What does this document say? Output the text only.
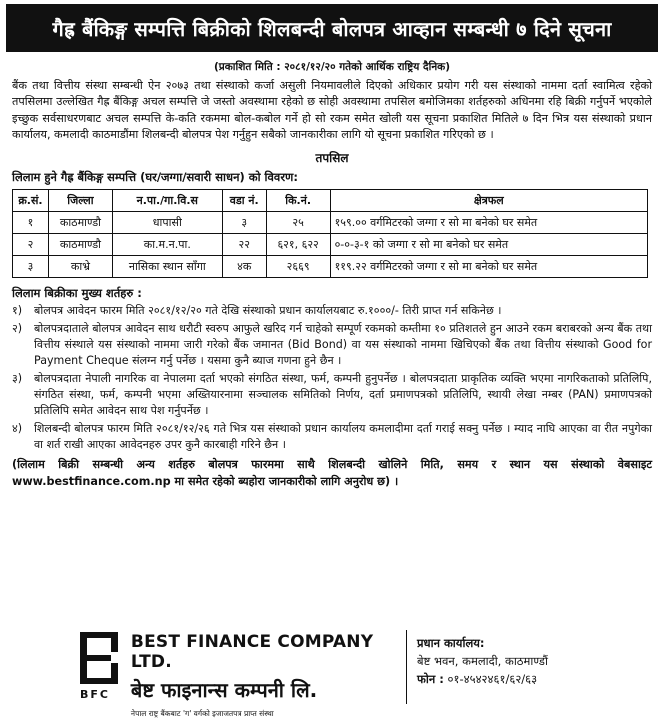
गैह्र बैंकिङ्ग सम्पत्ति बिक्रीको शिलबन्दी बोलपत्र आव्हान सम्बन्धी ७ दिने सूचना
(प्रकाशित मिति : २०८१/१२/२० गतेको आर्थिक राष्ट्रिय दैनिक)

बैंक तथा वित्तीय संस्था सम्बन्धी ऐन २०७३ तथा संस्थाको कर्जा असुली नियमावलीले दिएको अधिकार प्रयोग गरी यस संस्थाको नाममा दर्ता स्वामित्व रहेको तपसिलमा उल्लेखित गैह्र बैंकिङ्ग अचल सम्पत्ति जे जस्तो अवस्थामा रहेको छ सोही अवस्थामा तपसिल बमोजिमका शर्तहरुको अधिनमा रहि बिक्री गर्नुपर्ने भएकोले इच्छुक सर्वसाधरणबाट अचल सम्पत्ति के-कति रकममा बोल-कबोल गर्ने हो सो रकम समेत खोली यस सूचना प्रकाशित मितिले ७ दिन भित्र यस संस्थाको प्रधान कार्यालय, कमलादी काठमाडौंमा शिलबन्दी बोलपत्र पेश गर्नुहुन सबैको जानकारीका लागि यो सूचना प्रकाशित गरिएको छ ।

तपसिल
लिलाम हुने गैह्र बैंकिङ्ग सम्पत्ति (घर/जग्गा/सवारी साधन) को विवरण:
क्र.सं.	जिल्ला	न.पा./गा.वि.स	वडा नं.	कि.नं.	क्षेत्रफल
१	काठमाण्डौ	धापासी	३	२५	१५९.०० वर्गमिटरको जग्गा र सो मा बनेको घर समेत
२	काठमाण्डौ	का.म.न.पा.	२२	६२१, ६२२	०-०-३-१ को जग्गा र सो मा बनेको घर समेत
३	काभ्रे	नासिका स्थान साँगा	४क	२६६९	११९.२२ वर्गमिटरको जग्गा र सो मा बनेको घर समेत
लिलाम बिक्रीका मुख्य शर्तहरु :
१)	बोलपत्र आवेदन फारम मिति २०८१/१२/२० गते देखि संस्थाको प्रधान कार्यालयबाट रु.१०००/- तिरी प्राप्त गर्न सकिनेछ ।
२)	बोलपत्रदाताले बोलपत्र आवेदन साथ धरौटी स्वरुप आफुले खरिद गर्न चाहेको सम्पूर्ण रकमको कम्तीमा १० प्रतिशतले हुन आउने रकम बराबरको अन्य बैंक तथा वित्तीय संस्थाले यस संस्थाको नाममा जारी गरेको बैंक जमानत (Bid Bond) वा यस संस्थाको नाममा खिचिएको बैंक तथा वित्तीय संस्थाको Good for Payment Cheque संलग्न गर्नु पर्नेछ । यसमा कुनै ब्याज गणना हुने छैन ।
३)	बोलपत्रदाता नेपाली नागरिक वा नेपालमा दर्ता भएको संगठित संस्था, फर्म, कम्पनी हुनुपर्नेछ । बोलपत्रदाता प्राकृतिक व्यक्ति भएमा नागरिकताको प्रतिलिपि, संगठित संस्था, फर्म, कम्पनी भएमा अख्तियारनामा सञ्चालक समितिको निर्णय, दर्ता प्रमाणपत्रको प्रतिलिपि, स्थायी लेखा नम्बर (PAN) प्रमाणपत्रको प्रतिलिपि समेत आवेदन साथ पेश गर्नुपर्नेछ ।
४)	शिलबन्दी बोलपत्र फारम मिति २०८१/१२/२६ गते भित्र यस संस्थाको प्रधान कार्यालय कमलादीमा दर्ता गराई सक्नु पर्नेछ । म्याद नाघि आएका वा रीत नपुगेका वा शर्त राखी आएका आवेदनहरु उपर कुनै कारबाही गरिने छैन ।

(लिलाम बिक्री सम्बन्धी अन्य शर्तहरु बोलपत्र फारममा साथै शिलबन्दी खोलिने मिति, समय र स्थान यस संस्थाको वेबसाइट www.bestfinance.com.np मा समेत रहेको ब्यहोरा जानकारीको लागि अनुरोध छ) ।

BFC
BEST FINANCE COMPANY LTD.
बेष्ट फाइनान्स कम्पनी लि.
नेपाल राष्ट्र बैंकबाट 'ग' वर्गको इजाजतपत्र प्राप्त संस्था
प्रधान कार्यालय:
बेष्ट भवन, कमलादी, काठमाण्डौं
फोन : ०१-४५४२४६१/६२/६३
